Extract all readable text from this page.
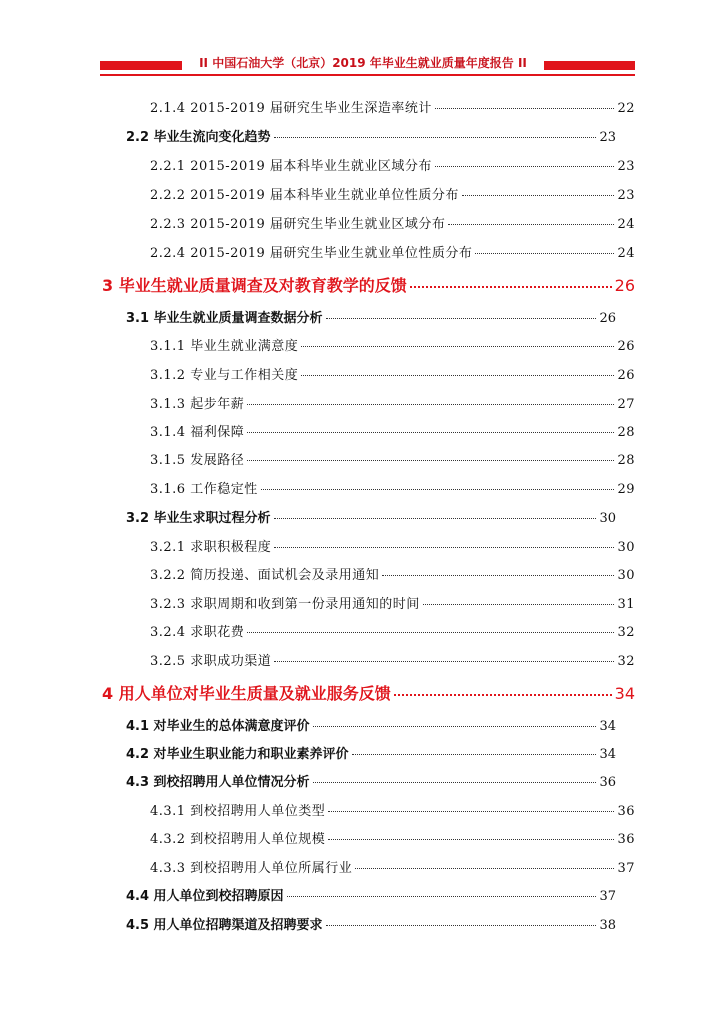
II 中国石油大学（北京）2019 年毕业生就业质量年度报告 II
2.1.4 2015-2019 届研究生毕业生深造率统计	22
2.2 毕业生流向变化趋势	23
2.2.1 2015-2019 届本科毕业生就业区域分布	23
2.2.2 2015-2019 届本科毕业生就业单位性质分布	23
2.2.3 2015-2019 届研究生毕业生就业区域分布	24
2.2.4 2015-2019 届研究生毕业生就业单位性质分布	24
3 毕业生就业质量调查及对教育教学的反馈	26
3.1 毕业生就业质量调查数据分析	26
3.1.1 毕业生就业满意度	26
3.1.2 专业与工作相关度	26
3.1.3 起步年薪	27
3.1.4 福利保障	28
3.1.5 发展路径	28
3.1.6 工作稳定性	29
3.2 毕业生求职过程分析	30
3.2.1 求职积极程度	30
3.2.2 简历投递、面试机会及录用通知	30
3.2.3 求职周期和收到第一份录用通知的时间	31
3.2.4 求职花费	32
3.2.5 求职成功渠道	32
4 用人单位对毕业生质量及就业服务反馈	34
4.1 对毕业生的总体满意度评价	34
4.2 对毕业生职业能力和职业素养评价	34
4.3 到校招聘用人单位情况分析	36
4.3.1 到校招聘用人单位类型	36
4.3.2 到校招聘用人单位规模	36
4.3.3 到校招聘用人单位所属行业	37
4.4 用人单位到校招聘原因	37
4.5 用人单位招聘渠道及招聘要求	38
